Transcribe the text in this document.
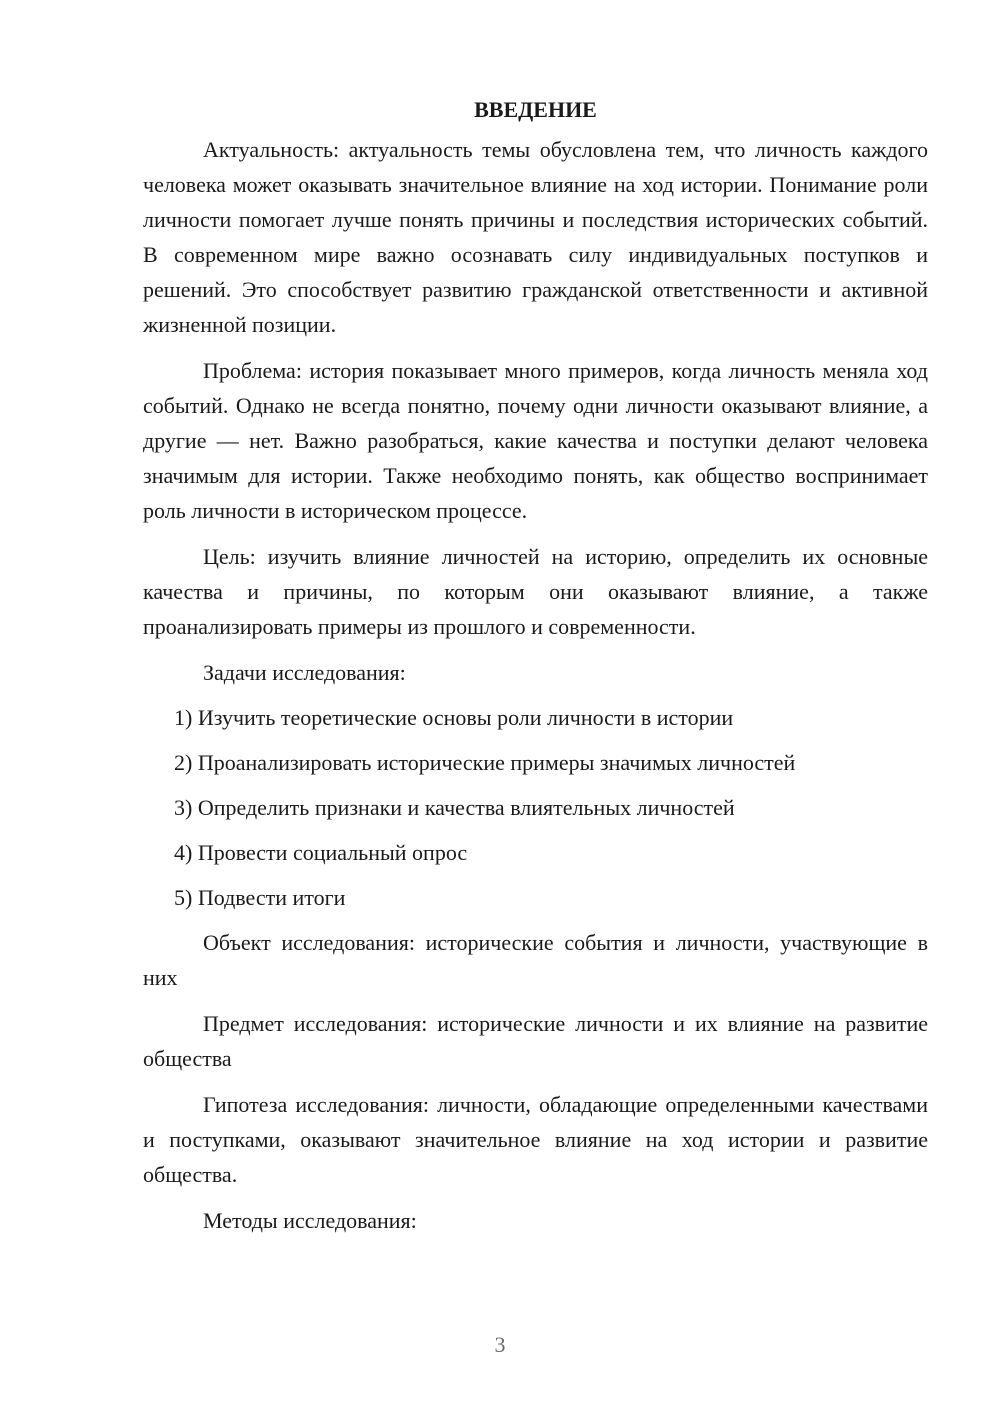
ВВЕДЕНИЕ

Актуальность: актуальность темы обусловлена тем, что личность каждого человека может оказывать значительное влияние на ход истории. Понимание роли личности помогает лучше понять причины и последствия исторических событий. В современном мире важно осознавать силу индивидуальных поступков и решений. Это способствует развитию гражданской ответственности и активной жизненной позиции.

Проблема: история показывает много примеров, когда личность меняла ход событий. Однако не всегда понятно, почему одни личности оказывают влияние, а другие — нет. Важно разобраться, какие качества и поступки делают человека значимым для истории. Также необходимо понять, как общество воспринимает роль личности в историческом процессе.

Цель: изучить влияние личностей на историю, определить их основные качества и причины, по которым они оказывают влияние, а также проанализировать примеры из прошлого и современности.

Задачи исследования:
1) Изучить теоретические основы роли личности в истории
2) Проанализировать исторические примеры значимых личностей
3) Определить признаки и качества влиятельных личностей
4) Провести социальный опрос
5) Подвести итоги

Объект исследования: исторические события и личности, участвующие в них

Предмет исследования: исторические личности и их влияние на развитие общества

Гипотеза исследования: личности, обладающие определенными качествами и поступками, оказывают значительное влияние на ход истории и развитие общества.

Методы исследования:
3
